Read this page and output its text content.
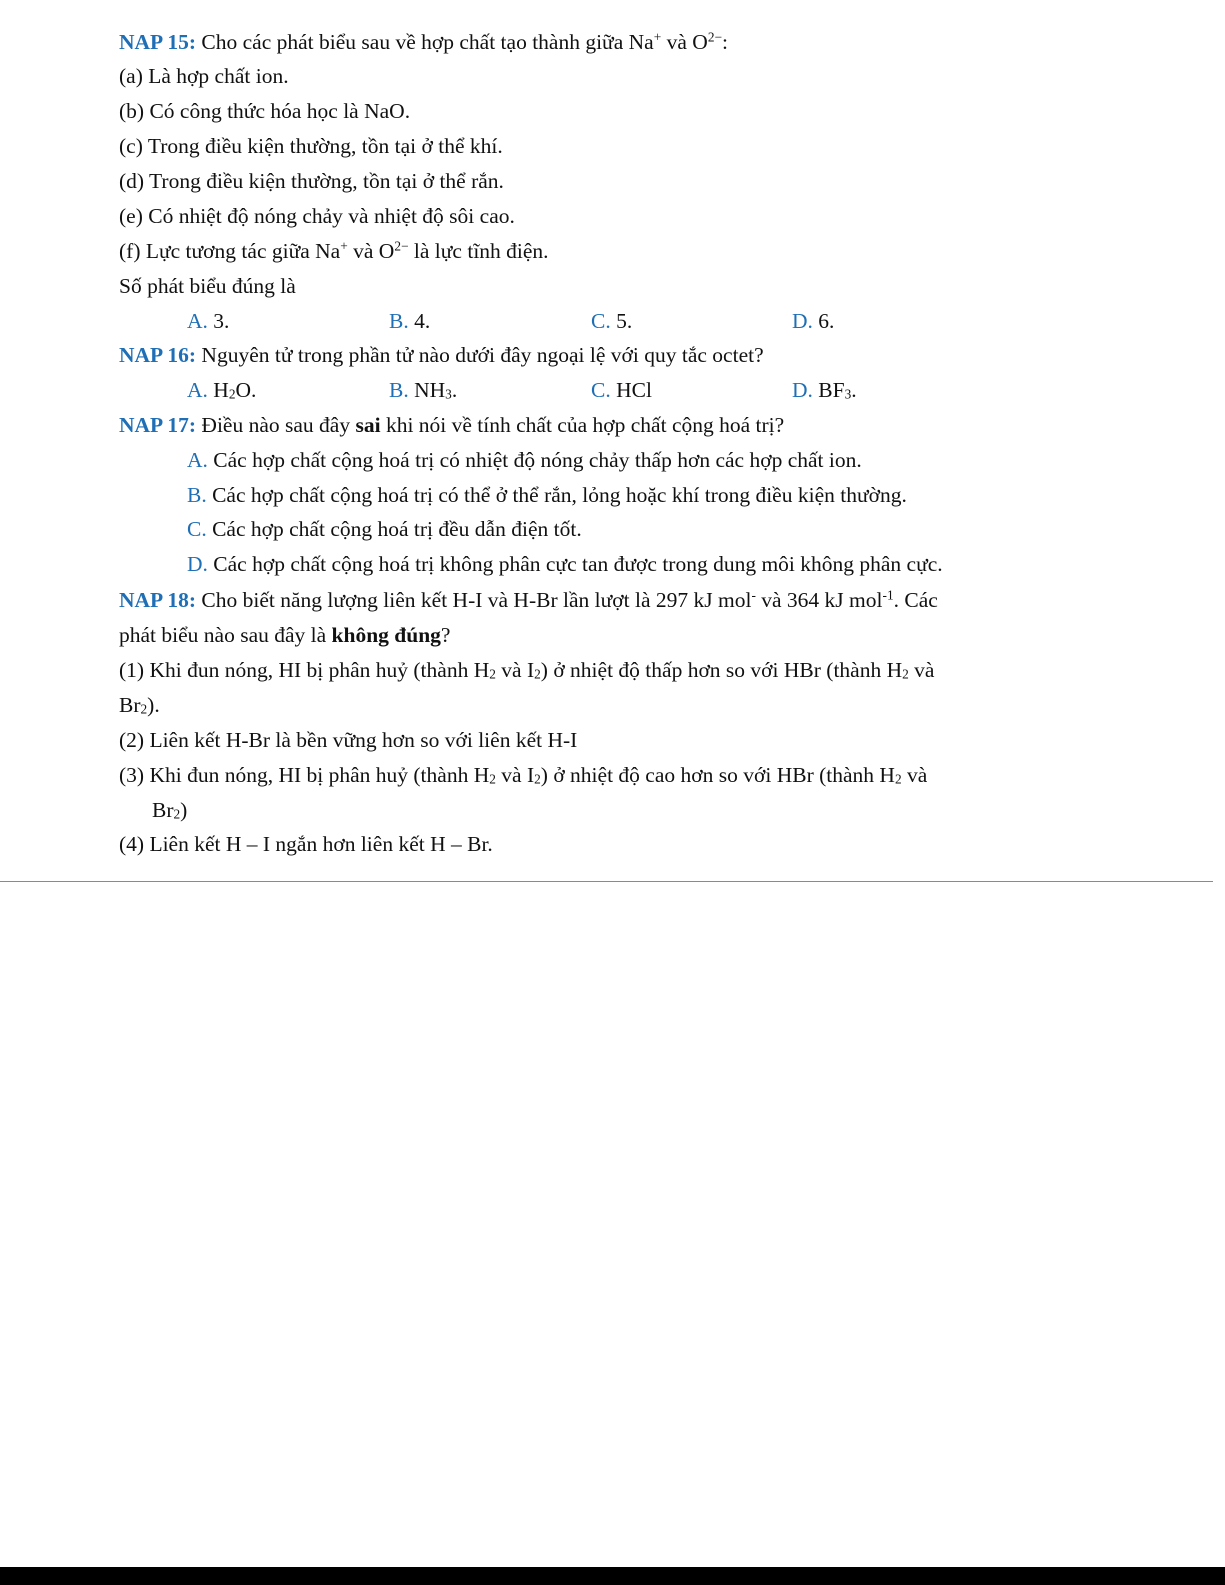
NAP 15: Cho các phát biểu sau về hợp chất tạo thành giữa Na+ và $O^{2-}$:
(a) Là hợp chất ion.
(b) Có công thức hóa học là NaO.
(c) Trong điều kiện thường, tồn tại ở thể khí.
(d) Trong điều kiện thường, tồn tại ở thể rắn.
(e) Có nhiệt độ nóng chảy và nhiệt độ sôi cao.
(f) Lực tương tác giữa Na+ và $O^{2-}$ là lực tĩnh điện.
Số phát biểu đúng là
A. 3.	B. 4.	C. 5.	D. 6.
NAP 16: Nguyên tử trong phần tử nào dưới đây ngoại lệ với quy tắc octet?
A. $H_2O$.	B. $NH_3$.	C. HCl	D. $BF_3$.
NAP 17: Điều nào sau đây sai khi nói về tính chất của hợp chất cộng hoá trị?
A. Các hợp chất cộng hoá trị có nhiệt độ nóng chảy thấp hơn các hợp chất ion.
B. Các hợp chất cộng hoá trị có thể ở thể rắn, lỏng hoặc khí trong điều kiện thường.
C. Các hợp chất cộng hoá trị đều dẫn điện tốt.
D. Các hợp chất cộng hoá trị không phân cực tan được trong dung môi không phân cực.
NAP 18: Cho biết năng lượng liên kết H-I và H-Br lần lượt là 297 kJ mol- và 364 kJ mol$^{-1}$. Các
phát biểu nào sau đây là không đúng?
(1) Khi đun nóng, HI bị phân huỷ (thành $H_2$ và $I_2$) ở nhiệt độ thấp hơn so với HBr (thành $H_2$ và
$Br_2$).
(2) Liên kết H-Br là bền vững hơn so với liên kết H-I
(3) Khi đun nóng, HI bị phân huỷ (thành $H_2$ và $I_2$) ở nhiệt độ cao hơn so với HBr (thành $H_2$ và
$Br_2$)
(4) Liên kết H – I ngắn hơn liên kết H – Br.
